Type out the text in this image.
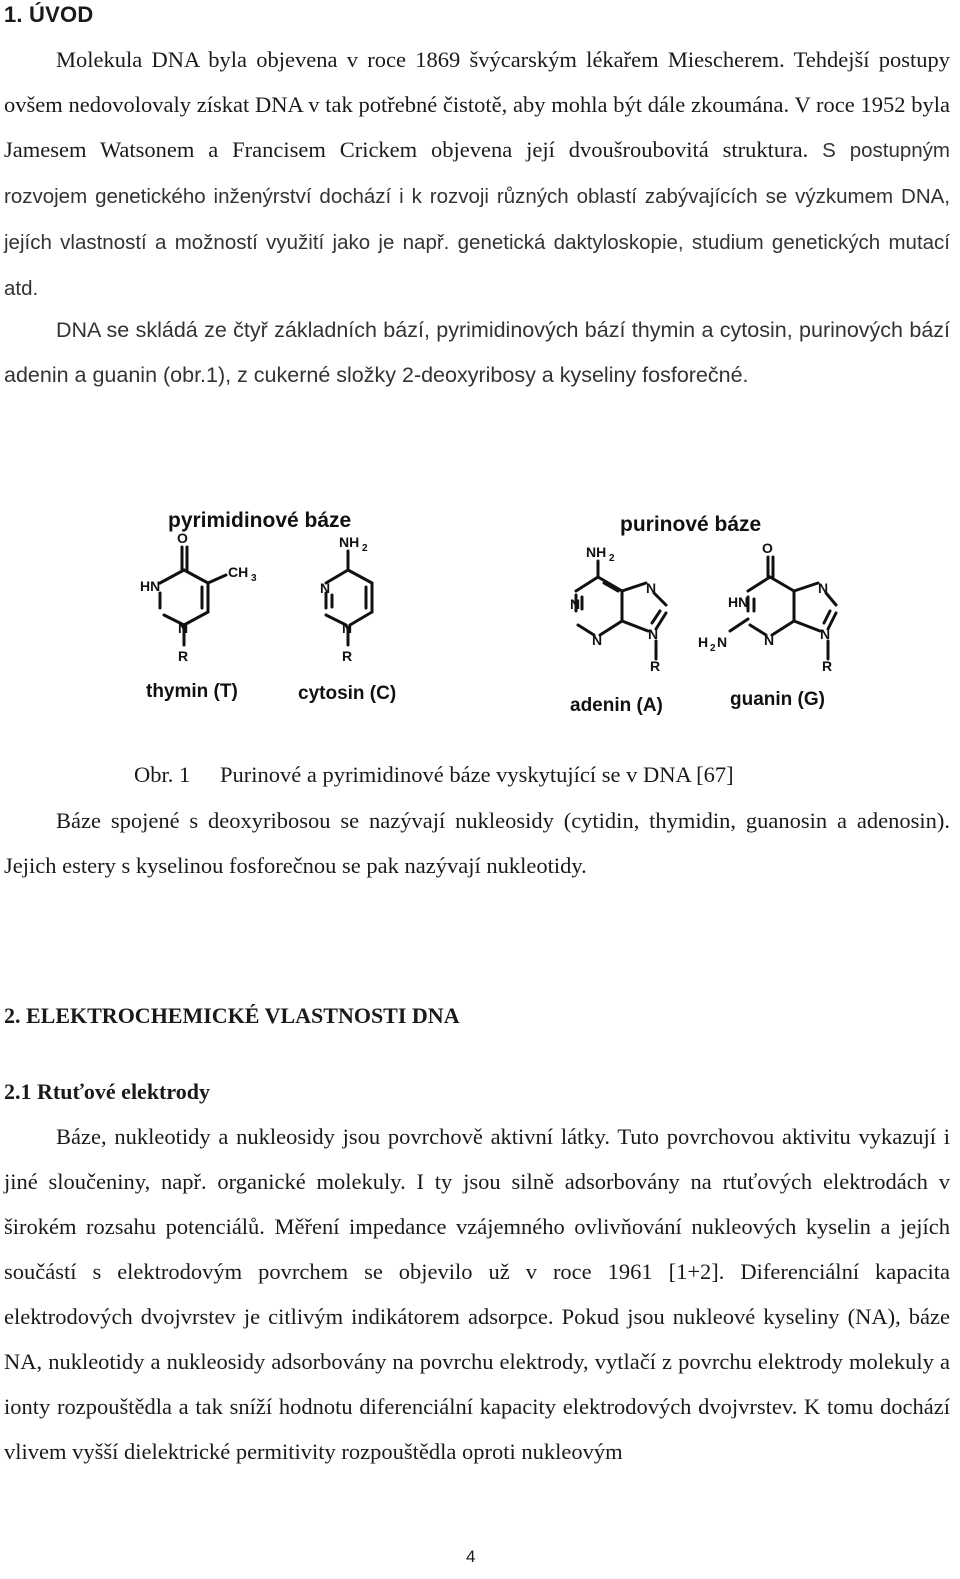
1. ÚVOD

Molekula DNA byla objevena v roce 1869 švýcarským lékařem Miescherem. Tehdejší postupy ovšem nedovolovaly získat DNA v tak potřebné čistotě, aby mohla být dále zkoumána. V roce 1952 byla Jamesem Watsonem a Francisem Crickem objevena její dvoušroubovitá struktura. S postupným rozvojem genetického inženýrství dochází i k rozvoji různých oblastí zabývajících se výzkumem DNA, jejích vlastností a možností využití jako je např. genetická daktyloskopie, studium genetických mutací atd.

DNA se skládá ze čtyř základních bází, pyrimidinových bází thymin a cytosin, purinových bází adenin a guanin (obr.1), z cukerné složky 2-deoxyribosy a kyseliny fosforečné.

O
HN
CH 3
N
R
NH 2
N
N
R
NH 2
N
N
N
N
R
O
HN
N
N
N
R
H 2 N
pyrimidinové báze	purinové báze
thymin (T)	cytosin (C)
adenin (A)	guanin (G)

Obr. 1 Purinové a pyrimidinové báze vyskytující se v DNA [67]

Báze spojené s deoxyribosou se nazývají nukleosidy (cytidin, thymidin, guanosin a adenosin). Jejich estery s kyselinou fosforečnou se pak nazývají nukleotidy.

2. ELEKTROCHEMICKÉ VLASTNOSTI DNA
2.1 Rtuťové elektrody

Báze, nukleotidy a nukleosidy jsou povrchově aktivní látky. Tuto povrchovou aktivitu vykazují i jiné sloučeniny, např. organické molekuly. I ty jsou silně adsorbovány na rtuťových elektrodách v širokém rozsahu potenciálů. Měření impedance vzájemného ovlivňování nukleových kyselin a jejích součástí s elektrodovým povrchem se objevilo už v roce 1961 [1+2]. Diferenciální kapacita elektrodových dvojvrstev je citlivým indikátorem adsorpce. Pokud jsou nukleové kyseliny (NA), báze NA, nukleotidy a nukleosidy adsorbovány na povrchu elektrody, vytlačí z povrchu elektrody molekuly a ionty rozpouštědla a tak sníží hodnotu diferenciální kapacity elektrodových dvojvrstev. K tomu dochází vlivem vyšší dielektrické permitivity rozpouštědla oproti nukleovým

4
